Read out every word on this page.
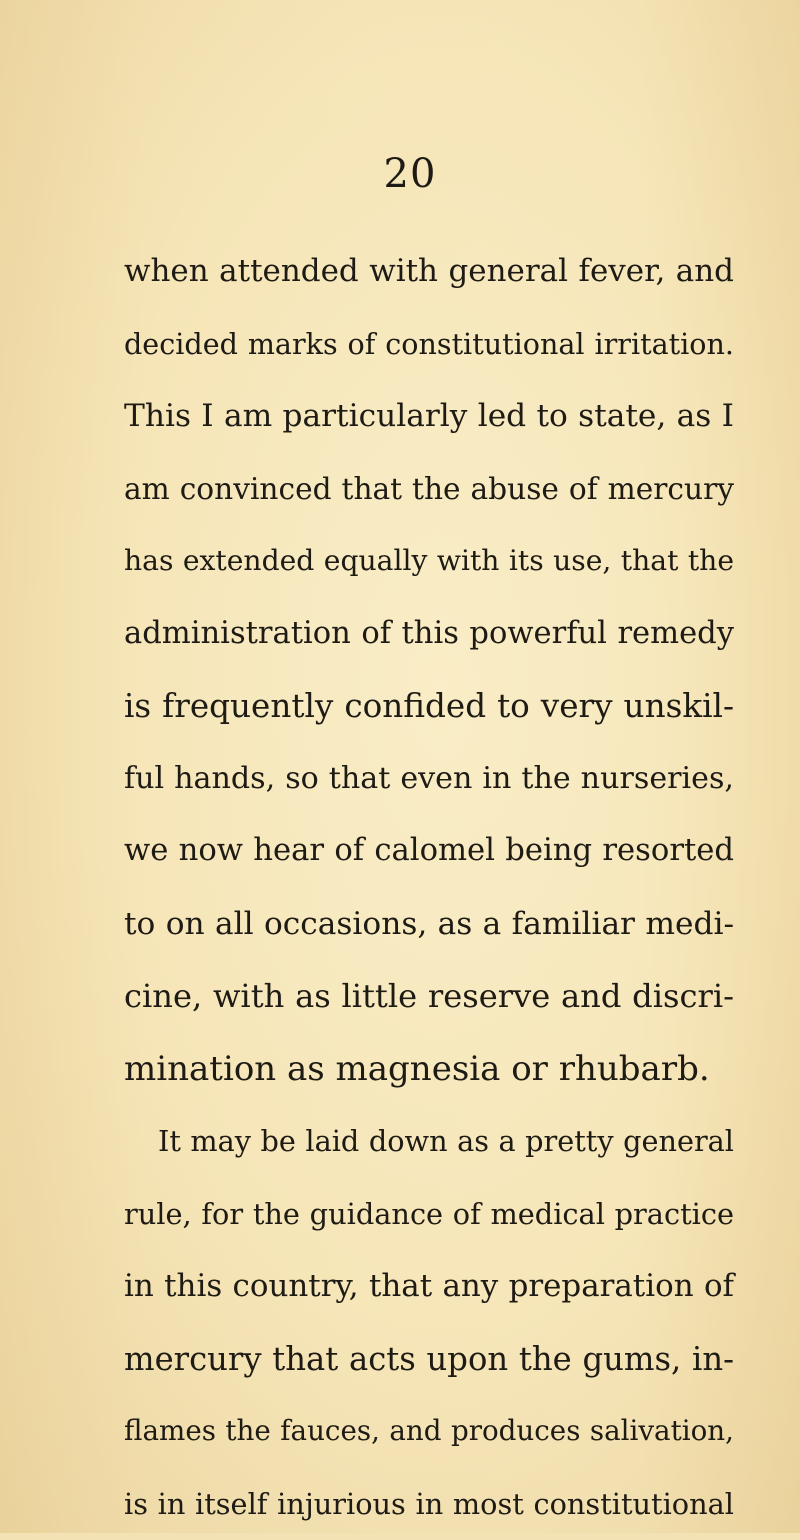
20
when attended with general fever, and
decided marks of constitutional irritation.
This I am particularly led to state, as I
am convinced that the abuse of mercury
has extended equally with its use, that the
administration of this powerful remedy
is frequently confided to very unskil-
ful hands, so that even in the nurseries,
we now hear of calomel being resorted
to on all occasions, as a familiar medi-
cine, with as little reserve and discri-
mination as magnesia or rhubarb.
It may be laid down as a pretty general
rule, for the guidance of medical practice
in this country, that any preparation of
mercury that acts upon the gums, in-
flames the fauces, and produces salivation,
is in itself injurious in most constitutional
